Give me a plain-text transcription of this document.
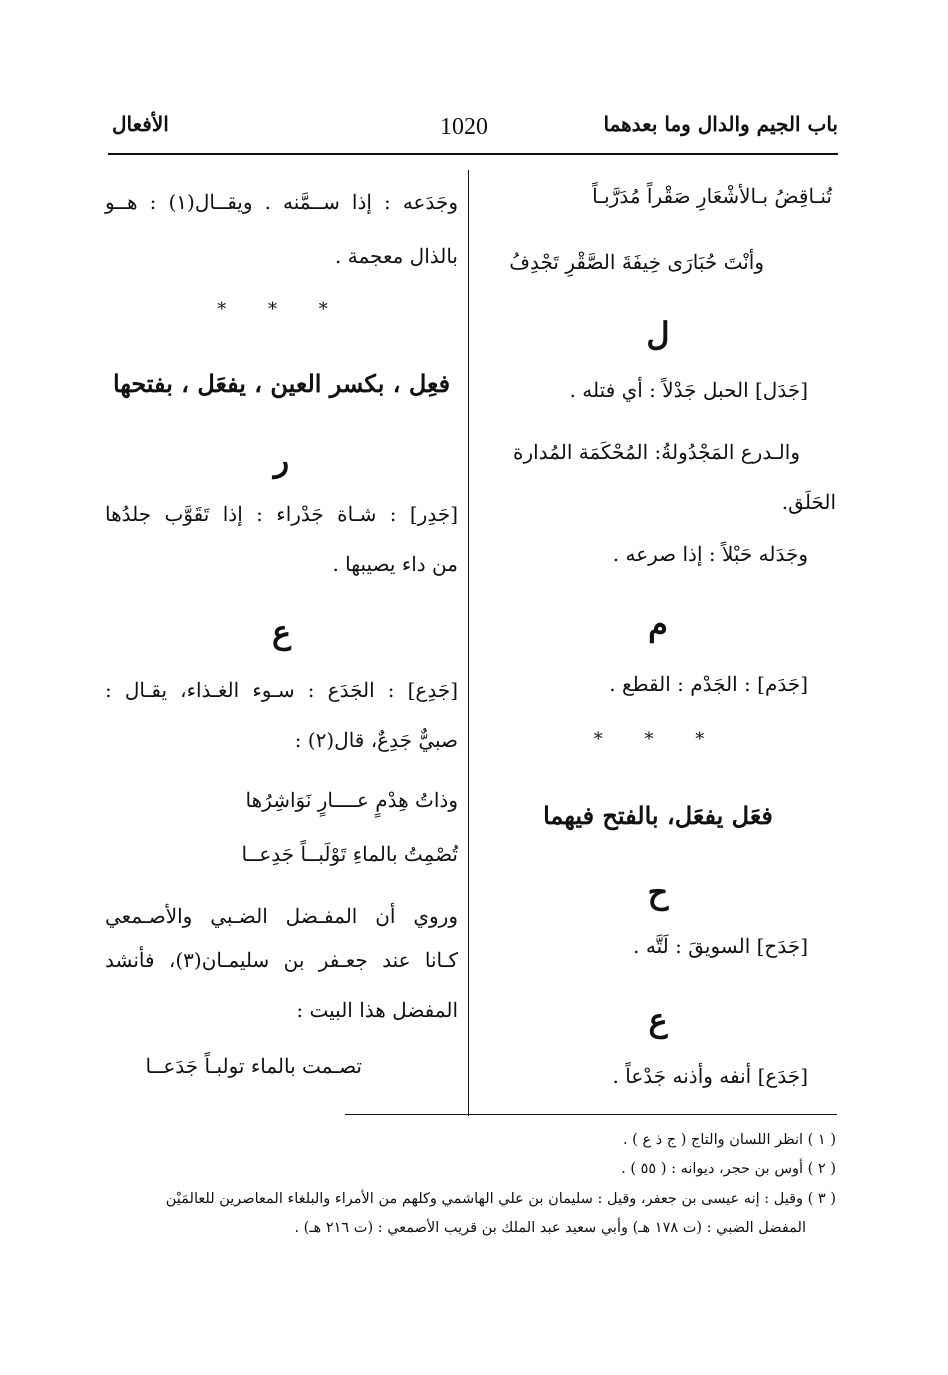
باب الجيم والدال وما بعدهما
1020
الأفعال
تُنـاقِضُ بـالأشْعَارِ صَقْراً مُدَرَّبـاً
وأنْتَ حُبَارَى خِيفَةَ الصَّقْرِ تَجْدِفُ
ل
[جَدَل] الحبل جَدْلاً : أي فتله .
والـدرع المَجْدُولةُ: المُحْكَمَة المُدارة
الحَلَق.
وجَدَله حَبْلاً : إذا صرعه .
م
[جَدَم] : الجَدْم : القطع .
* * *
فعَل يفعَل، بالفتح فيهما
ح
[جَدَح] السويقَ : لَتَّه .
ع
[جَدَع] أنفه وأذنه جَدْعاً .
وجَدَعه : إذا ســمَّنه . ويقــال(١) : هــو
بالذال معجمة .
* * *
فعِل ، بكسر العين ، يفعَل ، بفتحها
ر
[جَدِر] : شـاة جَدْراء : إذا تَقَوَّب جلدُها
من داء يصيبها .
ع
[جَدِع] : الجَدَع : سـوء الغـذاء، يقـال :
صبيٌّ جَدِعٌ، قال(٢) :
وذاتُ هِدْمٍ عــــارٍ نَوَاشِرُها
تُصْمِتُ بالماءِ تَوْلَبــاً جَدِعــا
وروي أن المفـضل الضـبي والأصـمعي
كـانا عند جعـفر بن سليمـان(٣)، فأنشد
المفضل هذا البيت :
تصـمت بالماء تولبـاً جَدَعــا
( ١ ) انظر اللسان والتاج ( ج ذ ع ) .
( ٢ ) أوس بن حجر، ديوانه : ( ٥٥ ) .
( ٣ ) وقيل : إنه عيسى بن جعفر، وقيل : سليمان بن علي الهاشمي وكلهم من الأمراء والبلغاء المعاصرين للعالمَيْن
المفضل الضبي : (ت ١٧٨ هـ) وأبي سعيد عبد الملك بن قريب الأصمعي : (ت ٢١٦ هـ) .
